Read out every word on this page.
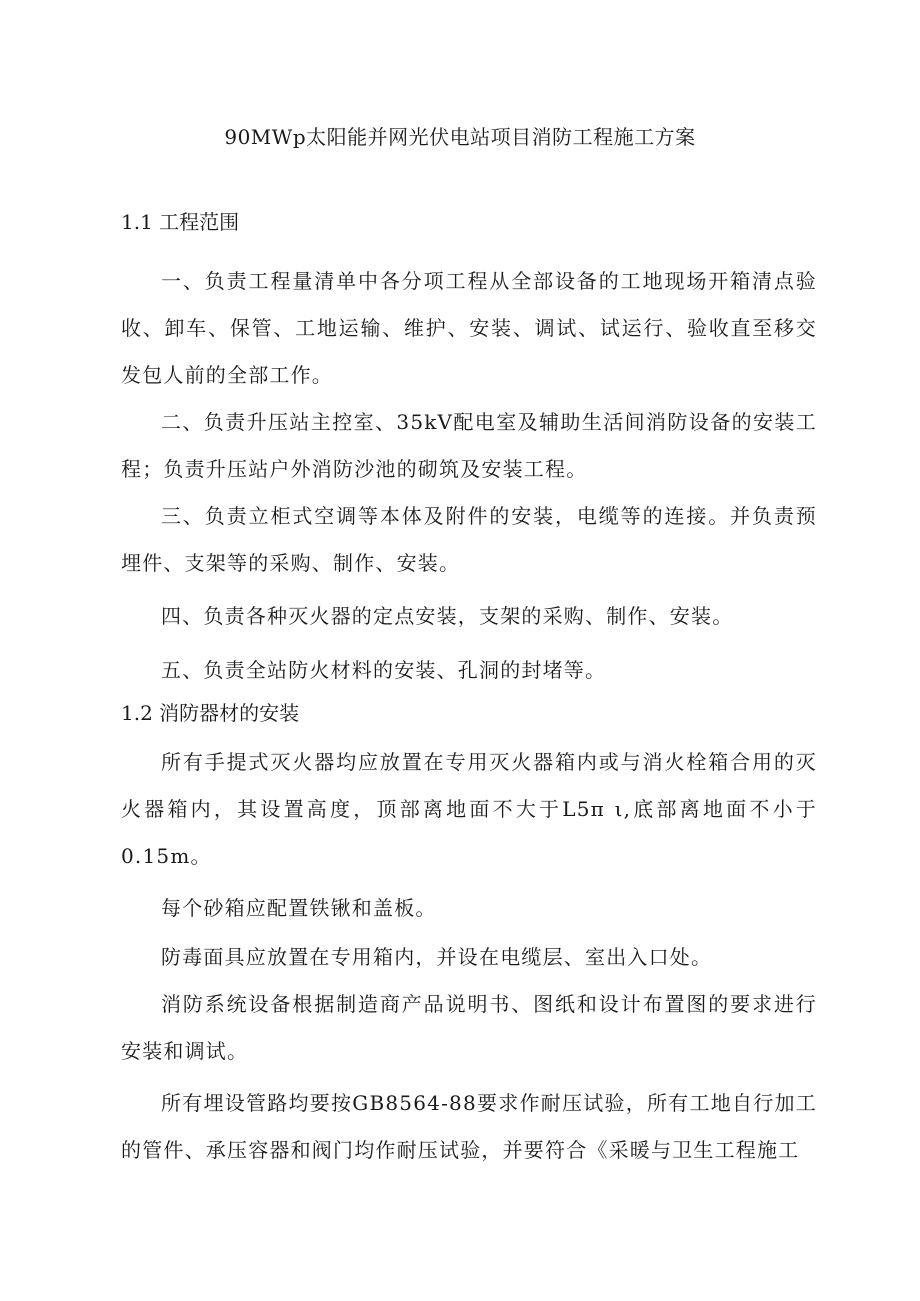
90MWp太阳能并网光伏电站项目消防工程施工方案
1.1 工程范围

一、负责工程量清单中各分项工程从全部设备的工地现场开箱清点验收、卸车、保管、工地运输、维护、安装、调试、试运行、验收直至移交发包人前的全部工作。

二、负责升压站主控室、35kV配电室及辅助生活间消防设备的安装工程；负责升压站户外消防沙池的砌筑及安装工程。

三、负责立柜式空调等本体及附件的安装，电缆等的连接。并负责预埋件、支架等的采购、制作、安装。

四、负责各种灭火器的定点安装，支架的采购、制作、安装。

五、负责全站防火材料的安装、孔洞的封堵等。

1.2 消防器材的安装

所有手提式灭火器均应放置在专用灭火器箱内或与消火栓箱合用的灭火器箱内，其设置高度，顶部离地面不大于L5π ι,底部离地面不小于0.15m。

每个砂箱应配置铁锹和盖板。

防毒面具应放置在专用箱内，并设在电缆层、室出入口处。

消防系统设备根据制造商产品说明书、图纸和设计布置图的要求进行安装和调试。

所有埋设管路均要按GB8564-88要求作耐压试验，所有工地自行加工的管件、承压容器和阀门均作耐压试验，并要符合《采暖与卫生工程施工
